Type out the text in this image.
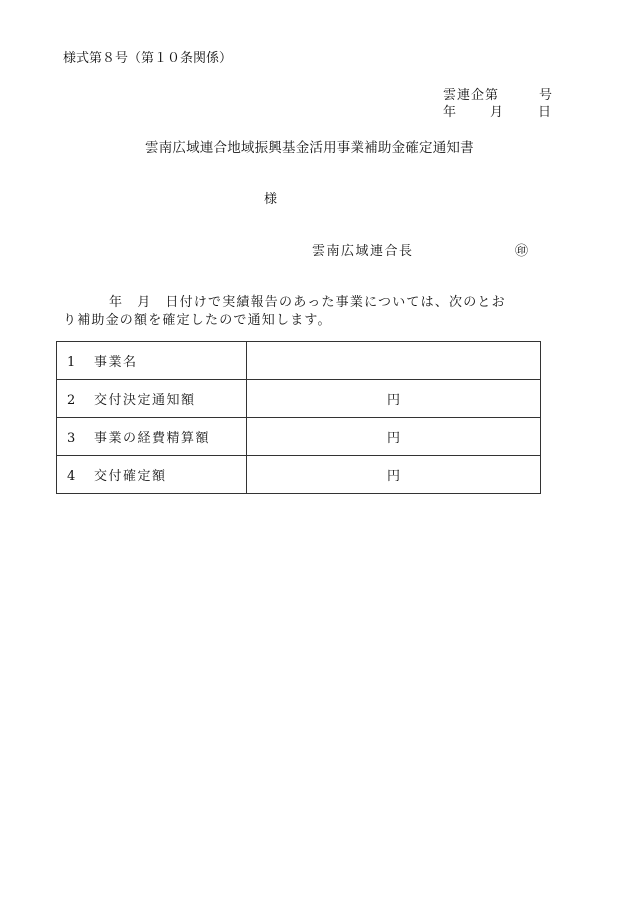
様式第８号（第１０条関係）
雲連企第	号
年	月	日
雲南広域連合地域振興基金活用事業補助金確定通知書
様
雲南広域連合長	㊞
年 月 日付けで実績報告のあった事業については、次のとお
り補助金の額を確定したので通知します。
1 事業名	
2 交付決定通知額	円
3 事業の経費精算額	円
4 交付確定額	円
